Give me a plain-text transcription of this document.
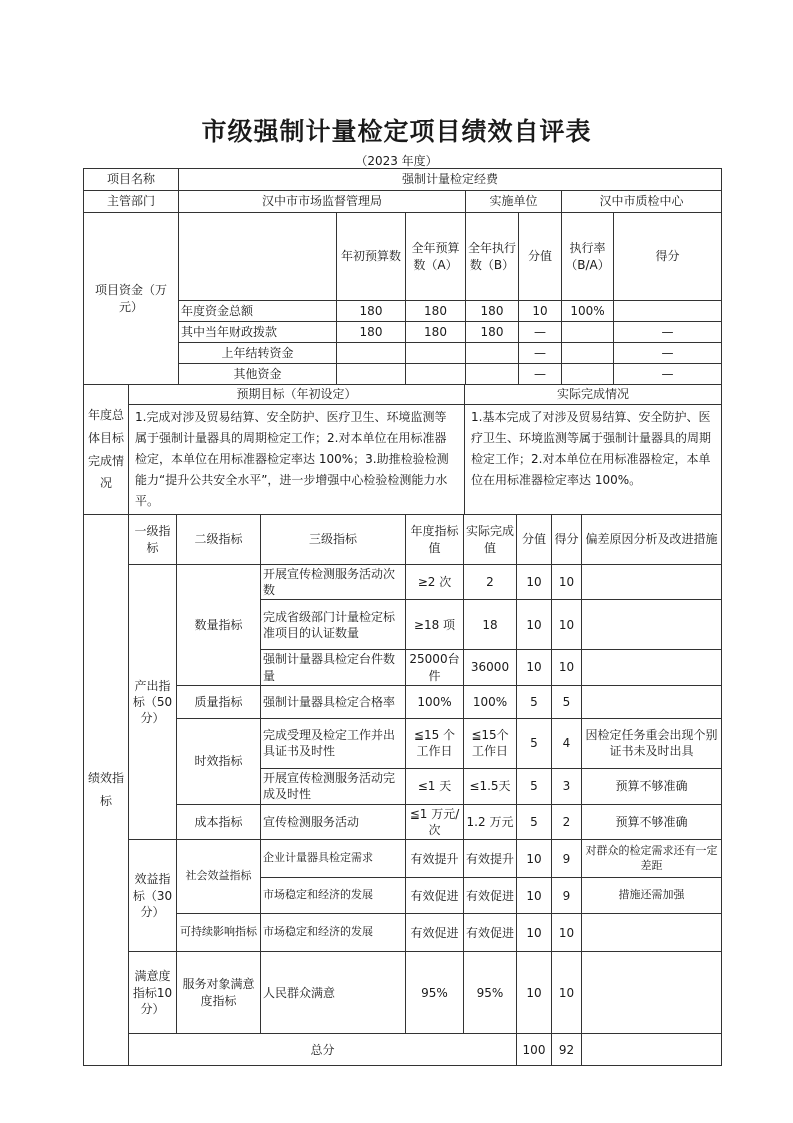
市级强制计量检定项目绩效自评表
（2023 年度）
项目名称	强制计量检定经费						
主管部门	汉中市市场监督管理局			实施单位		汉中市质检中心	
项目资金（万元）		年初预算数	全年预算数（A）	全年执行数（B）	分值	执行率（B/A）	得分
	年度资金总额	180	180	180	10	100%	
	其中当年财政拨款	180	180	180	—		—
	上年结转资金				—		—
	其他资金				—		—
年度总体目标完成情况	预期目标（年初设定）	实际完成情况
	1.完成对涉及贸易结算、安全防护、医疗卫生、环境监测等属于强制计量器具的周期检定工作；2.对本单位在用标准器检定，本单位在用标准器检定率达 100%；3.助推检验检测能力“提升公共安全水平”，进一步增强中心检验检测能力水平。	1.基本完成了对涉及贸易结算、安全防护、医疗卫生、环境监测等属于强制计量器具的周期检定工作；2.对本单位在用标准器检定，本单位在用标准器检定率达 100%。
绩效指标	一级指标	二级指标	三级指标	年度指标值	实际完成值	分值	得分	偏差原因分析及改进措施
	产出指标（50 分）	数量指标	开展宣传检测服务活动次数	≥2 次	2	10	10	
			完成省级部门计量检定标准项目的认证数量	≥18 项	18	10	10	
			强制计量器具检定台件数量	25000台件	36000	10	10	
		质量指标	强制计量器具检定合格率	100%	100%	5	5	
		时效指标	完成受理及检定工作并出具证书及时性	≦15 个工作日	≦15个工作日	5	4	因检定任务重会出现个别证书未及时出具
			开展宣传检测服务活动完成及时性	≤1 天	≤1.5天	5	3	预算不够准确
		成本指标	宣传检测服务活动	≦1 万元/次	1.2 万元	5	2	预算不够准确
	效益指标（30 分）	社会效益指标	企业计量器具检定需求	有效提升	有效提升	10	9	对群众的检定需求还有一定差距
			市场稳定和经济的发展	有效促进	有效促进	10	9	措施还需加强
		可持续影响指标	市场稳定和经济的发展	有效促进	有效促进	10	10	
	满意度指标10 分）	服务对象满意度指标	人民群众满意	95%	95%	10	10	
	总分					100	92	
